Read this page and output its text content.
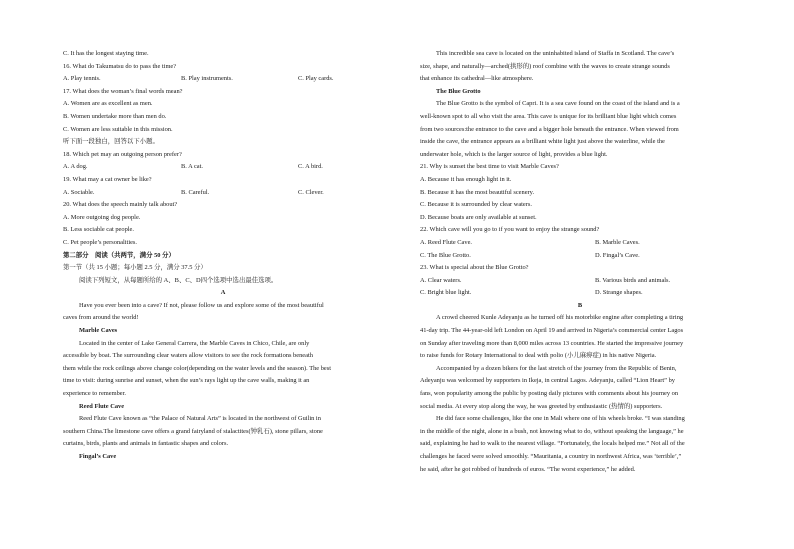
C. It has the longest staying time.
16. What do Takumatsu do to pass the time?
A. Play tennis.	B. Play instruments.	C. Play cards.
17. What does the woman’s final words mean?
A. Women are as excellent as men.
B. Women undertake more than men do.
C. Women are less suitable in this mission.
听下面一段独白，回答以下小题。
18. Which pet may an outgoing person prefer?
A. A dog.	B. A cat.	C. A bird.
19. What may a cat owner be like?
A. Sociable.	B. Careful.	C. Clever.
20. What does the speech mainly talk about?
A. More outgoing dog people.
B. Less sociable cat people.
C. Pet people’s personalities.
第二部分　阅读（共两节，满分 50 分）
第一节（共 15 小题；每小题 2.5 分，满分 37.5 分）
阅读下列短文，从每题所给的 A、B、C、D四个选项中选出最佳选项。
A
Have you ever been into a cave? If not, please follow us and explore some of the most beautiful
caves from around the world!
Marble Caves
Located in the center of Lake General Carrera, the Marble Caves in Chico, Chile, are only
accessible by boat. The surrounding clear waters allow visitors to see the rock formations beneath
them while the rock ceilings above change color(depending on the water levels and the season). The best
time to visit: during sunrise and sunset, when the sun’s rays light up the cave walls, making it an
experience to remember.
Reed Flute Cave
Reed Flute Cave known as “the Palace of Natural Arts” is located in the northwest of Guilin in
southern China.The limestone cave offers a grand fairyland of stalactites(钟乳石), stone pillars, stone
curtains, birds, plants and animals in fantastic shapes and colors.
Fingal’s Cave
This incredible sea cave is located on the uninhabited island of Staffa in Scotland. The cave’s
size, shape, and naturally—arched(拱形的) roof combine with the waves to create strange sounds
that enhance its cathedral—like atmosphere.
The Blue Grotto
The Blue Grotto is the symbol of Capri. It is a sea cave found on the coast of the island and is a
well-known spot to all who visit the area. This cave is unique for its brilliant blue light which comes
from two sources:the entrance to the cave and a bigger hole beneath the entrance. When viewed from
inside the cave, the entrance appears as a brilliant white light just above the waterline, while the
underwater hole, which is the larger source of light, provides a blue light.
21. Why is sunset the best time to visit Marble Caves?
A. Because it has enough light in it.
B. Because it has the most beautiful scenery.
C. Because it is surrounded by clear waters.
D. Because boats are only available at sunset.
22. Which cave will you go to if you want to enjoy the strange sound?
A. Reed Flute Cave.	B. Marble Caves.
C. The Blue Grotto.	D. Fingal’s Cave.
23. What is special about the Blue Grotto?
A. Clear waters.	B. Various birds and animals.
C. Bright blue light.	D. Strange shapes.
B
A crowd cheered Kunle Adeyanju as he turned off his motorbike engine after completing a tiring
41-day trip. The 44-year-old left London on April 19 and arrived in Nigeria’s commercial center Lagos
on Sunday after traveling more than 8,000 miles across 13 countries. He started the impressive journey
to raise funds for Rotary International to deal with polio (小儿麻痹症) in his native Nigeria.
Accompanied by a dozen bikers for the last stretch of the journey from the Republic of Benin,
Adeyanju was welcomed by supporters in Ikeja, in central Lagos. Adeyanju, called “Lion Heart” by
fans, won popularity among the public by posting daily pictures with comments about his journey on
social media. At every stop along the way, he was greeted by enthusiastic (热情的) supporters.
He did face some challenges, like the one in Mali where one of his wheels broke. “I was standing
in the middle of the night, alone in a bush, not knowing what to do, without speaking the language,” he
said, explaining he had to walk to the nearest village. “Fortunately, the locals helped me.” Not all of the
challenges he faced were solved smoothly. “Mauritania, a country in northwest Africa, was ‘terrible’,”
he said, after he got robbed of hundreds of euros. “The worst experience,” he added.
